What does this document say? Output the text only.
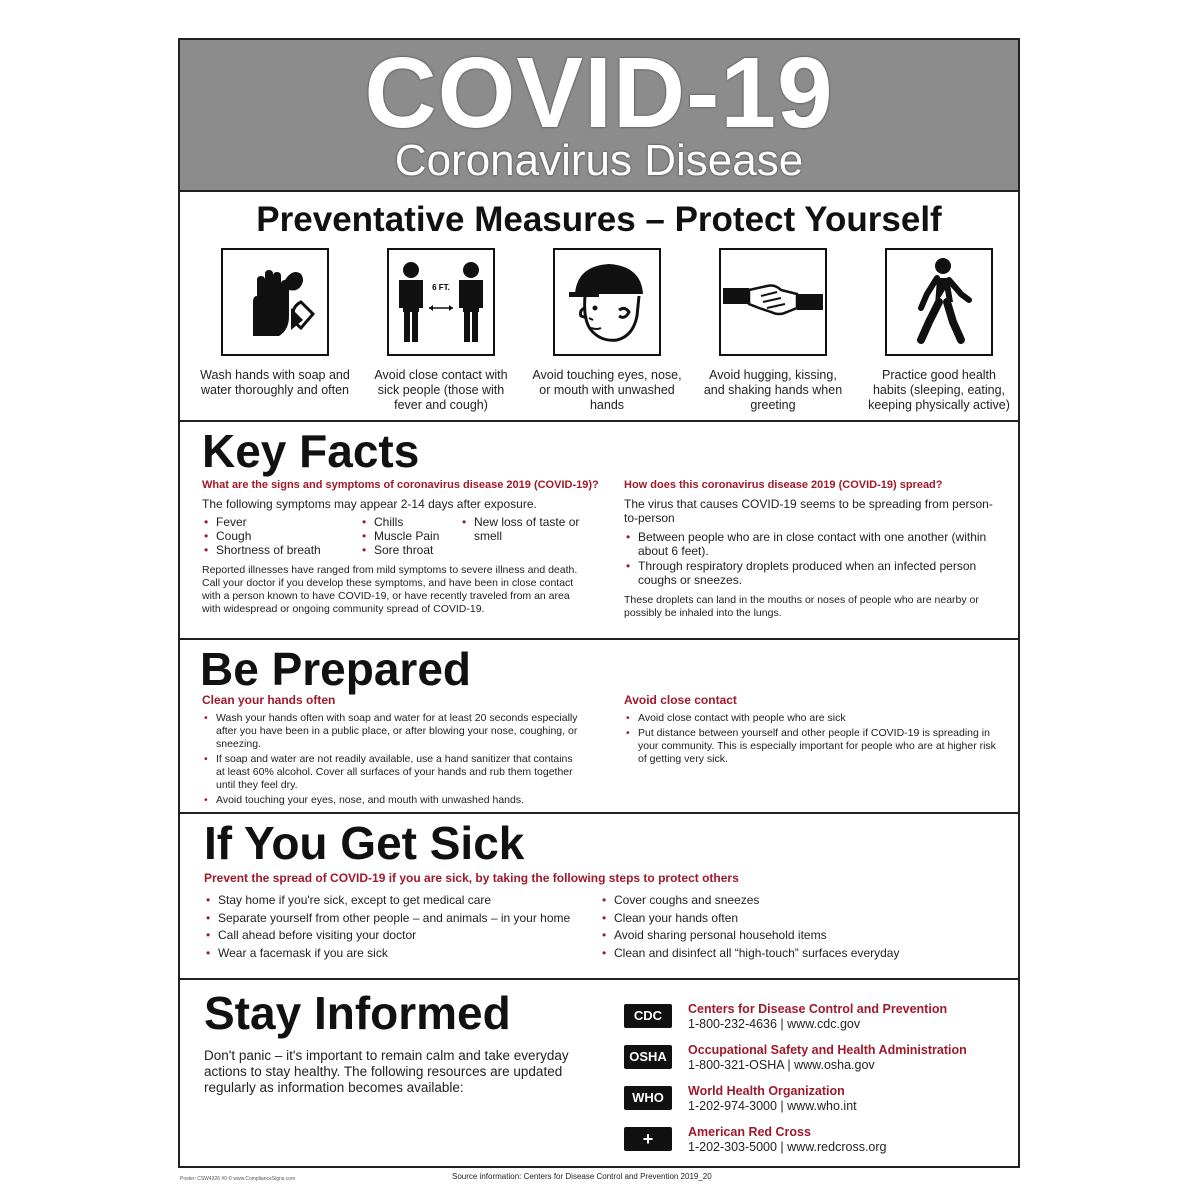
COVID-19
Coronavirus Disease
Preventative Measures – Protect Yourself
Wash hands with soap and water thoroughly and often
6 FT.
Avoid close contact with sick people (those with fever and cough)
Avoid touching eyes, nose, or mouth with unwashed hands
Avoid hugging, kissing, and shaking hands when greeting
Practice good health habits (sleeping, eating, keeping physically active)
Key Facts
What are the signs and symptoms of coronavirus disease 2019 (COVID-19)?
The following symptoms may appear 2-14 days after exposure.
• Fever
• Cough
• Shortness of breath
• Chills
• Muscle Pain
• Sore throat
• New loss of taste or smell
Reported illnesses have ranged from mild symptoms to severe illness and death. Call your doctor if you develop these symptoms, and have been in close contact with a person known to have COVID-19, or have recently traveled from an area with widespread or ongoing community spread of COVID-19.
How does this coronavirus disease 2019 (COVID-19) spread?
The virus that causes COVID-19 seems to be spreading from person-to-person
• Between people who are in close contact with one another (within about 6 feet).
• Through respiratory droplets produced when an infected person coughs or sneezes.
These droplets can land in the mouths or noses of people who are nearby or possibly be inhaled into the lungs.
Be Prepared
Clean your hands often
• Wash your hands often with soap and water for at least 20 seconds especially after you have been in a public place, or after blowing your nose, coughing, or sneezing.
• If soap and water are not readily available, use a hand sanitizer that contains at least 60% alcohol. Cover all surfaces of your hands and rub them together until they feel dry.
• Avoid touching your eyes, nose, and mouth with unwashed hands.
Avoid close contact
• Avoid close contact with people who are sick
• Put distance between yourself and other people if COVID-19 is spreading in your community. This is especially important for people who are at higher risk of getting very sick.
If You Get Sick
Prevent the spread of COVID-19 if you are sick, by taking the following steps to protect others
• Stay home if you're sick, except to get medical care
• Separate yourself from other people – and animals – in your home
• Call ahead before visiting your doctor
• Wear a facemask if you are sick
• Cover coughs and sneezes
• Clean your hands often
• Avoid sharing personal household items
• Clean and disinfect all “high-touch” surfaces everyday
Stay Informed
Don't panic – it's important to remain calm and take everyday actions to stay healthy. The following resources are updated regularly as information becomes available:
CDC	Centers for Disease Control and Prevention
1-800-232-4636 | www.cdc.gov
OSHA	Occupational Safety and Health Administration
1-800-321-OSHA | www.osha.gov
WHO	World Health Organization
1-202-974-3000 | www.who.int
+	American Red Cross
1-202-303-5000 | www.redcross.org
Poster: CSW4326 #0 © www.ComplianceSigns.com	Source information: Centers for Disease Control and Prevention 2019_20
